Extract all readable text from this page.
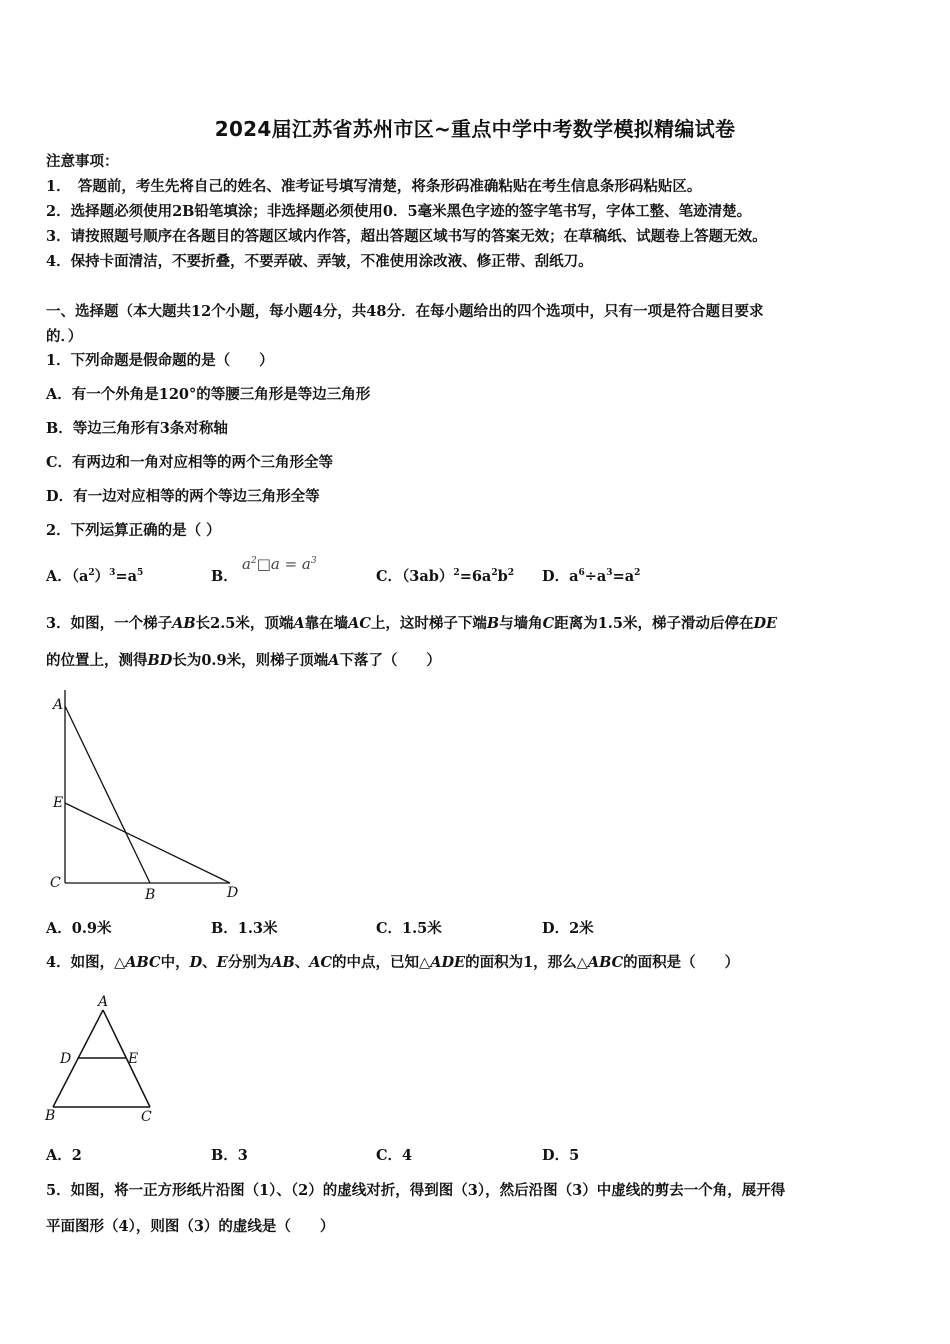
2024届江苏省苏州市区~重点中学中考数学模拟精编试卷
注意事项：
1．　答题前，考生先将自己的姓名、准考证号填写清楚，将条形码准确粘贴在考生信息条形码粘贴区。
2．选择题必须使用2B铅笔填涂；非选择题必须使用0．5毫米黑色字迹的签字笔书写，字体工整、笔迹清楚。
3．请按照题号顺序在各题目的答题区域内作答，超出答题区域书写的答案无效；在草稿纸、试题卷上答题无效。
4．保持卡面清洁，不要折叠，不要弄破、弄皱，不准使用涂改液、修正带、刮纸刀。
一、选择题（本大题共12个小题，每小题4分，共48分．在每小题给出的四个选项中，只有一项是符合题目要求
的．）
1．下列命题是假命题的是（　　）
A．有一个外角是120°的等腰三角形是等边三角形
B．等边三角形有3条对称轴
C．有两边和一角对应相等的两个三角形全等
D．有一边对应相等的两个等边三角形全等
2．下列运算正确的是（ ）
A．$(a^2)^3=a^5$	B．
$a^2□a = a^3$
C．$(3ab)^2=6a^2b^2$ D．$a^6\div a^3=a^2$
3．如图，一个梯子AB长2.5米，顶端A靠在墙AC上，这时梯子下端B与墙角C距离为1.5米，梯子滑动后停在DE
的位置上，测得BD长为0.9米，则梯子顶端A下落了（　　）
A
E
C
B	D
A．0.9米	B．1.3米	C．1.5米	D．2米
4．如图，△ABC中，D、E分别为AB、AC的中点，已知△ADE的面积为1，那么△ABC的面积是（　　）
A
D	E
B	C
A．2	B．3	C．4	D．5
5．如图，将一正方形纸片沿图（1）、（2）的虚线对折，得到图（3），然后沿图（3）中虚线的剪去一个角，展开得
平面图形（4），则图（3）的虚线是（　　）
